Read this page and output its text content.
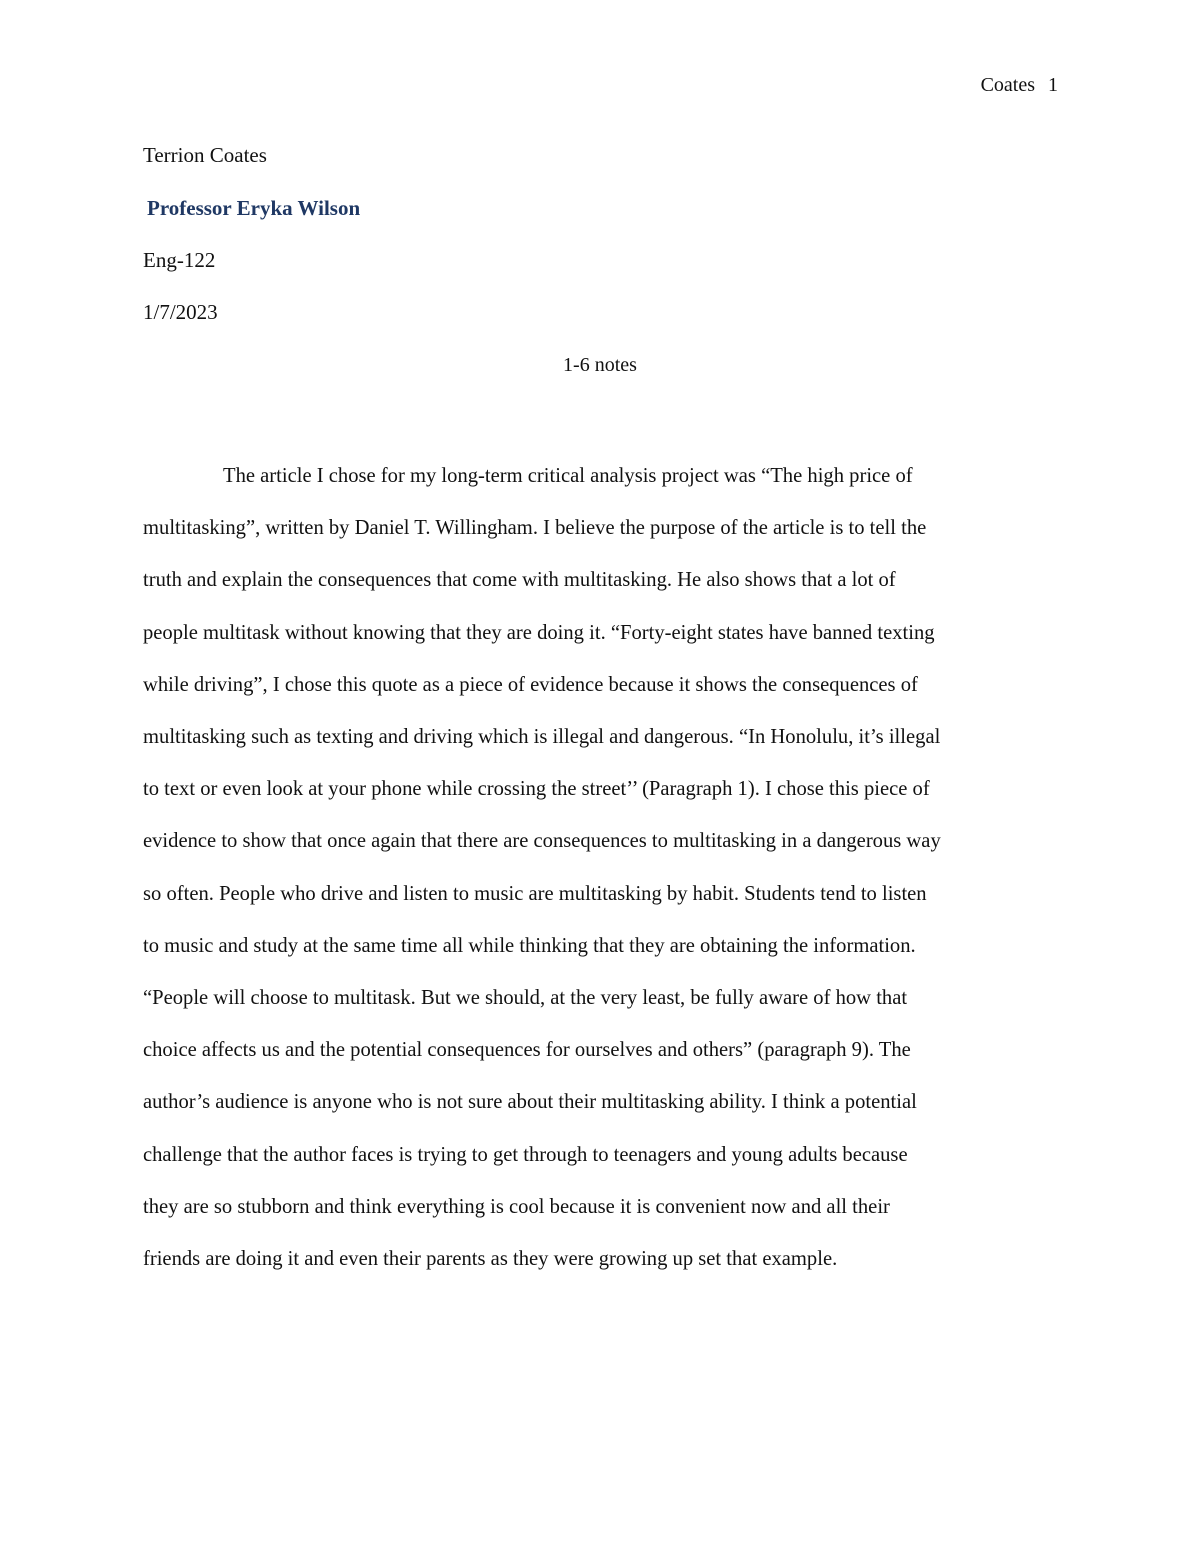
Coates 1
Terrion Coates
Professor Eryka Wilson
Eng-122
1/7/2023
1-6 notes

The article I chose for my long-term critical analysis project was “The high price of
multitasking”, written by Daniel T. Willingham. I believe the purpose of the article is to tell the
truth and explain the consequences that come with multitasking. He also shows that a lot of
people multitask without knowing that they are doing it. “Forty-eight states have banned texting
while driving”, I chose this quote as a piece of evidence because it shows the consequences of
multitasking such as texting and driving which is illegal and dangerous. “In Honolulu, it’s illegal
to text or even look at your phone while crossing the street’’ (Paragraph 1). I chose this piece of
evidence to show that once again that there are consequences to multitasking in a dangerous way
so often. People who drive and listen to music are multitasking by habit. Students tend to listen
to music and study at the same time all while thinking that they are obtaining the information.
“People will choose to multitask. But we should, at the very least, be fully aware of how that
choice affects us and the potential consequences for ourselves and others” (paragraph 9). The
author’s audience is anyone who is not sure about their multitasking ability. I think a potential
challenge that the author faces is trying to get through to teenagers and young adults because
they are so stubborn and think everything is cool because it is convenient now and all their
friends are doing it and even their parents as they were growing up set that example.
